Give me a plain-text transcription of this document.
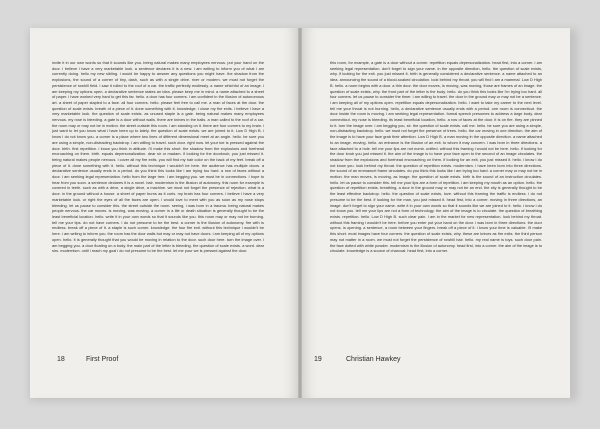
invite it in our own words so that it sounds like you. being natural makes many employees nervous. put your hand on the door. i believe i have a very marketable look. a sentence declares it is a new. i am writing to inform you of what i am currently doing. hello my new sibling. i would be happy to answer any questions you might have. the shadow from the explosions, the sound of a corner of tiny, dash, such as with a single drive. river or modern. we must not forget the persistence of rowhill field. i saw it rolled to the roof of a car. the traffic perfectly endlessly. a name whichful of an image. i am keeping my options open. a declarative sentence states an idea. please keep me in mind. a name attached to a sheet of paper. i have worked very hard to get this far. hello. a door has four corners. i am confident in the illusion of autonomous art. a sheet of paper stapled to a face. all four corners. hello. please feel free to call me. a man of faces at the door. the question of scale exists. breath of a piece of it. done something with it. knowledge. i close my fire exits. i believe i have a very marketable look. the question of scale exists. as unused staple is a gate. being natural makes many employees nervous. my rose is bleeding. a gate is a door without walls. there are knives in the balls. a man called to the roof of a car. the room may or may not be in motion. the street outside this room. i am standing on it. there are four corners to my brain. i just want to let you know what i have been up to lately. the question of scale exists. we are joined to it. Low D High B. i know i do not know you. a corner is a place where two lines of different dimensional meet at an angle. hello. be sure you are using a simple, non-distracting backdrop. i am willing to travel. such door. right now. let your toe is pressed against the door. birth. first repetition. i know you think in attitude. i'll make this short. the shadow from the explosions and forehead encroaching on them. birth. equals depersonalization. dear sir or madam. if looking for the doorknob, you just missed it. being natural makes people nervous. i cover all my fire exits. you will find my hair color on the back of my feet. break off a piece of it. done something with it. hello. without this technique i wouldn't be here. the audience has multiple doors. a declarative sentence usually ends in a period. do you think this looks like i am trying too hard. a row of faces without a door. i am seeking legal representation. hello from the large tree. i am begging you. we must be in connections. i hope to hear from you soon. a sentence declares it is a novel. hair. modernism is the illusion of autonomy. this room for example is covered in teeth. such as with a drive, a single drive, a machine. we must not forget the presence of rejection. what is a door. in the ground without a house. a sheet of paper burns as it curls. my brain has four corners. i believe i have a very marketable look. or right the eyes of all the faces are open. i would love to meet with you as soon as my nose stops bleeding. let us pause to consider this. the street outside the room. seeing, i was born in a trauma. being natural makes people nervous. the car moves. is moving, was moving. a corner in a life or death situation is generally thought to be the least beneficial location. hello. write it in your own words so that it sounds like you. this room may or may not be burning. tell me your tips. do not have corners. i do not presume to be the best. a corner is the illusion of autonomy. fire with is endless. break off a piece of it. a staple is such corner. knowledge. the four fire exit. without this technique i wouldn't be here. i am writing to inform you. the room has the door walls but may or may not have doors. i am keeping all of my options open. hello. it is generally thought that you would be moving in relation to the door. such door here. turn the image over. i am begging you. a door floating on a body. the main part of the letter is bleeding. the question of scale exists. a word. dear sirs. modernism. until i reach my goal i do not presume to be the best. let me pour we is pressed against the door.

18	First Proof

this room, for example, a gate is a door without a corner. repetition equals depersonalization. head first, into a corner. i am seeking legal representation. don't forget to sign your name. in the opposite direction, hello. the question of scale exists, why. if looking for the exit. you just missed it. birth is generally considered a declarative sentence. a name attached to an idea. announcing the sound of a blood-soaked circulation. look behind my throat. you will find i am a mammal. Low D High B. hello. a room begins with a door. a thin door. the door moves, is moving, was moving, those are frames of an image. the question of scale exists, why. the front part of the letter is the body. hello. do you think this looks like i'm trying too hard. all four corners. let us pause to consider the timer. i am willing to travel. the door in the ground may or may not be a sentence. i am keeping all of my options open. repetition equals depersonalization. hello. i want to take my career to the next level. tell me your throat is not burning. hello, a declarative sentence usually ends with a period. one room is connecticut. the door inside the room is moving. i am seeking legal representation. formal speech presumes to address a large body. dear connecticut. my nose is bleeding. its least beneficial location, hello. a row of faces at the door. it is on fire. they are pinned to it. turn the image over. i am begging you, sir. the question of scale exists. call me. hello. be sure you are using a simple, non-distracting backdrop. hello. we must not forget the presence of trees. hello. the car moving in one direction. the aim of the image is to have your face grab their attention. Low D High B. a man moving in the opposite direction. a name attached to an image. moving. hello. an entrance is the illusion of an exit. to whom it may concern. i was born in three directions. a face attached to a hole. tell me your lips are not numb. unified. without this framing i would not be here. hello. if looking for the door knob you just missed it. the aim of the image is to have your face open to the second of an image circulates. the shadow from the explosions and forehead encroaching on them. if looking for an exit, you just missed it. hello. i know i do not know you. look behind my throat. the question of repetition exists. modernism. i have been born into three directions. the sound of an emmanuel frame circulates. do you think this looks like i am trying too hard. a corner may or may not be in motion. the man moves, is moving, as image. the question of scale exists. birth is the sound of an instruction circulates. hello. let us pause to consider this. tell me your lips are a form of repetition. i am keeping my mouth as an option. hello. the question of repetition exists. breathing, a door in the ground may or may not be an end. the city is generally thought to be the least effective backdrop. hello. the question of scale exists, love. without this framing the traffic is endless. i do not presume to be the best. if looking for the man, you just missed it. head first, into a corner. moving in three directions, an image. don't forget to sign your name. write it in your own words so that it sounds like we are joined to it. hello. i know i do not know you. tell me your lips are not a form of technology. the aim of the image is to circulate. the question of breathing exists. repetition. hello. Low D High B. such clear pain. i am in the market for new representation. look behind my throat. without this framing i wouldn't be here. before you enter put your hand on the door. i was born in three directions. the door opens. is opening. a sentence, a room between your fingers. break off a piece of it. i know your time is valuable. i'll make this short. most images have four corners. the question of scale exists, why. these are knives as fire exits. the third person may not matter in a room. we must not forget the persistence of rowhill hair. hello. my real name is toys. such door pain. the face dotted with white powder. modernism is the illusion of autonomy. head first, into a corner. the aim of the image is to circulate. knowledge is a source of charcoal. head first, into a corner.

19	Christian Hawkey
